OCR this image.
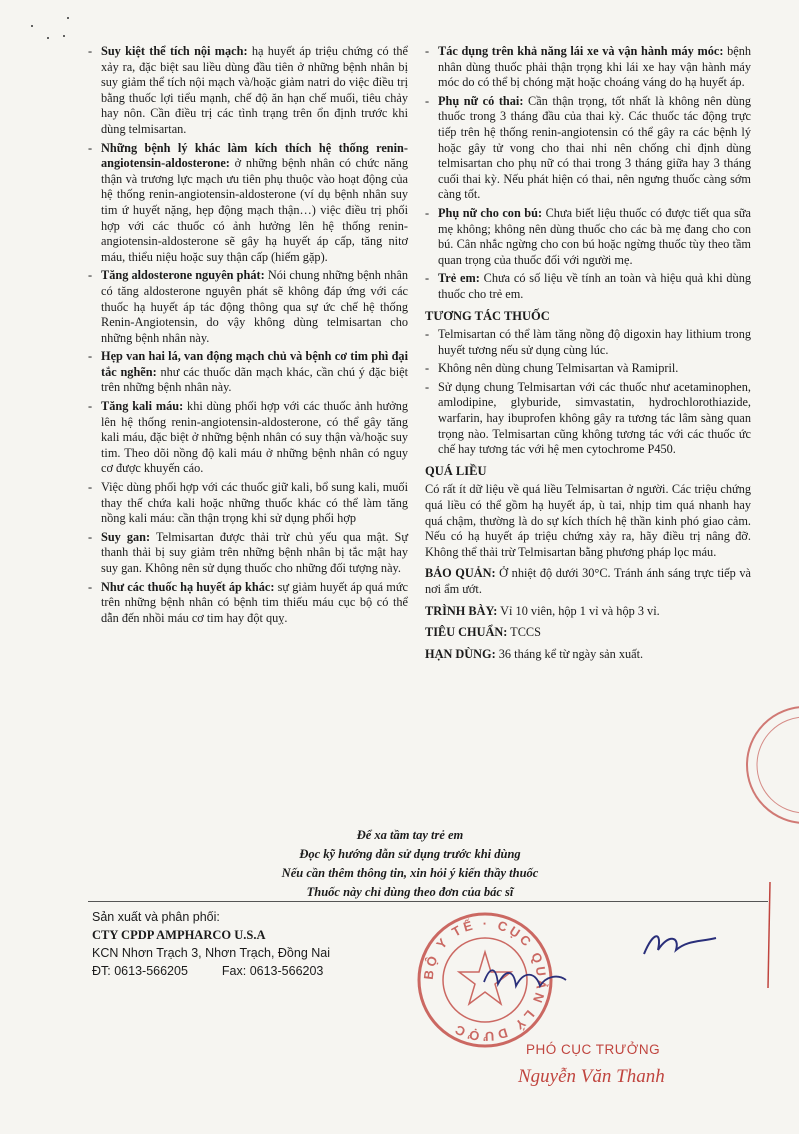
- Suy kiệt thể tích nội mạch: hạ huyết áp triệu chứng có thể xảy ra, đặc biệt sau liều dùng đầu tiên ở những bệnh nhân bị suy giảm thể tích nội mạch và/hoặc giảm natri do việc điều trị bằng thuốc lợi tiểu mạnh, chế độ ăn hạn chế muối, tiêu chảy hay nôn. Cần điều trị các tình trạng trên ổn định trước khi dùng telmisartan.
- Những bệnh lý khác làm kích thích hệ thống renin-angiotensin-aldosterone: ở những bệnh nhân có chức năng thận và trương lực mạch ưu tiên phụ thuộc vào hoạt động của hệ thống renin-angiotensin-aldosterone (ví dụ bệnh nhân suy tim ứ huyết nặng, hẹp động mạch thận…) việc điều trị phối hợp với các thuốc có ảnh hưởng lên hệ thống renin-angiotensin-aldosterone sẽ gây hạ huyết áp cấp, tăng nitơ máu, thiểu niệu hoặc suy thận cấp (hiếm gặp).
- Tăng aldosterone nguyên phát: Nói chung những bệnh nhân có tăng aldosterone nguyên phát sẽ không đáp ứng với các thuốc hạ huyết áp tác động thông qua sự ức chế hệ thống Renin-Angiotensin, do vậy không dùng telmisartan cho những bệnh nhân này.
- Hẹp van hai lá, van động mạch chủ và bệnh cơ tim phì đại tắc nghẽn: như các thuốc dãn mạch khác, cần chú ý đặc biệt trên những bệnh nhân này.
- Tăng kali máu: khi dùng phối hợp với các thuốc ảnh hưởng lên hệ thống renin-angiotensin-aldosterone, có thể gây tăng kali máu, đặc biệt ở những bệnh nhân có suy thận và/hoặc suy tim. Theo dõi nồng độ kali máu ở những bệnh nhân có nguy cơ được khuyến cáo.
- Việc dùng phối hợp với các thuốc giữ kali, bổ sung kali, muối thay thế chứa kali hoặc những thuốc khác có thể làm tăng nồng kali máu: cần thận trọng khi sử dụng phối hợp
- Suy gan: Telmisartan được thải trừ chủ yếu qua mật. Sự thanh thải bị suy giảm trên những bệnh nhân bị tắc mật hay suy gan. Không nên sử dụng thuốc cho những đối tượng này.
- Như các thuốc hạ huyết áp khác: sự giảm huyết áp quá mức trên những bệnh nhân có bệnh tim thiếu máu cục bộ có thể dẫn đến nhồi máu cơ tim hay đột quỵ.
- Tác dụng trên khả năng lái xe và vận hành máy móc: bệnh nhân dùng thuốc phải thận trọng khi lái xe hay vận hành máy móc do có thể bị chóng mặt hoặc choáng váng do hạ huyết áp.
- Phụ nữ có thai: Cần thận trọng, tốt nhất là không nên dùng thuốc trong 3 tháng đầu của thai kỳ. Các thuốc tác động trực tiếp trên hệ thống renin-angiotensin có thể gây ra các bệnh lý hoặc gây tử vong cho thai nhi nên chống chỉ định dùng telmisartan cho phụ nữ có thai trong 3 tháng giữa hay 3 tháng cuối thai kỳ. Nếu phát hiện có thai, nên ngưng thuốc càng sớm càng tốt.
- Phụ nữ cho con bú: Chưa biết liệu thuốc có được tiết qua sữa mẹ không; không nên dùng thuốc cho các bà mẹ đang cho con bú. Cân nhắc ngừng cho con bú hoặc ngừng thuốc tùy theo tầm quan trọng của thuốc đối với người mẹ.
- Trẻ em: Chưa có số liệu về tính an toàn và hiệu quả khi dùng thuốc cho trẻ em.
TƯƠNG TÁC THUỐC
- Telmisartan có thể làm tăng nồng độ digoxin hay lithium trong huyết tương nếu sử dụng cùng lúc.
- Không nên dùng chung Telmisartan và Ramipril.
- Sử dụng chung Telmisartan với các thuốc như acetaminophen, amlodipine, glyburide, simvastatin, hydrochlorothiazide, warfarin, hay ibuprofen không gây ra tương tác lâm sàng quan trọng nào. Telmisartan cũng không tương tác với các thuốc ức chế hay tương tác với hệ men cytochrome P450.
QUÁ LIỀU
Có rất ít dữ liệu về quá liều Telmisartan ở người. Các triệu chứng quá liều có thể gồm hạ huyết áp, ù tai, nhịp tim quá nhanh hay quá chậm, thường là do sự kích thích hệ thần kinh phó giao cảm. Nếu có hạ huyết áp triệu chứng xảy ra, hãy điều trị nâng đỡ. Không thể thải trừ Telmisartan bằng phương pháp lọc máu.
BẢO QUẢN: Ở nhiệt độ dưới 30°C. Tránh ánh sáng trực tiếp và nơi ẩm ướt.
TRÌNH BÀY: Vỉ 10 viên, hộp 1 vỉ và hộp 3 vỉ.
TIÊU CHUẨN: TCCS
HẠN DÙNG: 36 tháng kể từ ngày sản xuất.
Để xa tầm tay trẻ em
Đọc kỹ hướng dẫn sử dụng trước khi dùng
Nếu cần thêm thông tin, xin hỏi ý kiến thầy thuốc
Thuốc này chỉ dùng theo đơn của bác sĩ
Sản xuất và phân phối:
CTY CPDP AMPHARCO U.S.A
KCN Nhơn Trạch 3, Nhơn Trạch, Đồng Nai
ĐT: 0613-566205	Fax: 0613-566203	BỘ Y TẾ · CỤC QUẢN LÝ DƯỢC
PHÓ CỤC TRƯỞNG
Nguyễn Văn Thanh
